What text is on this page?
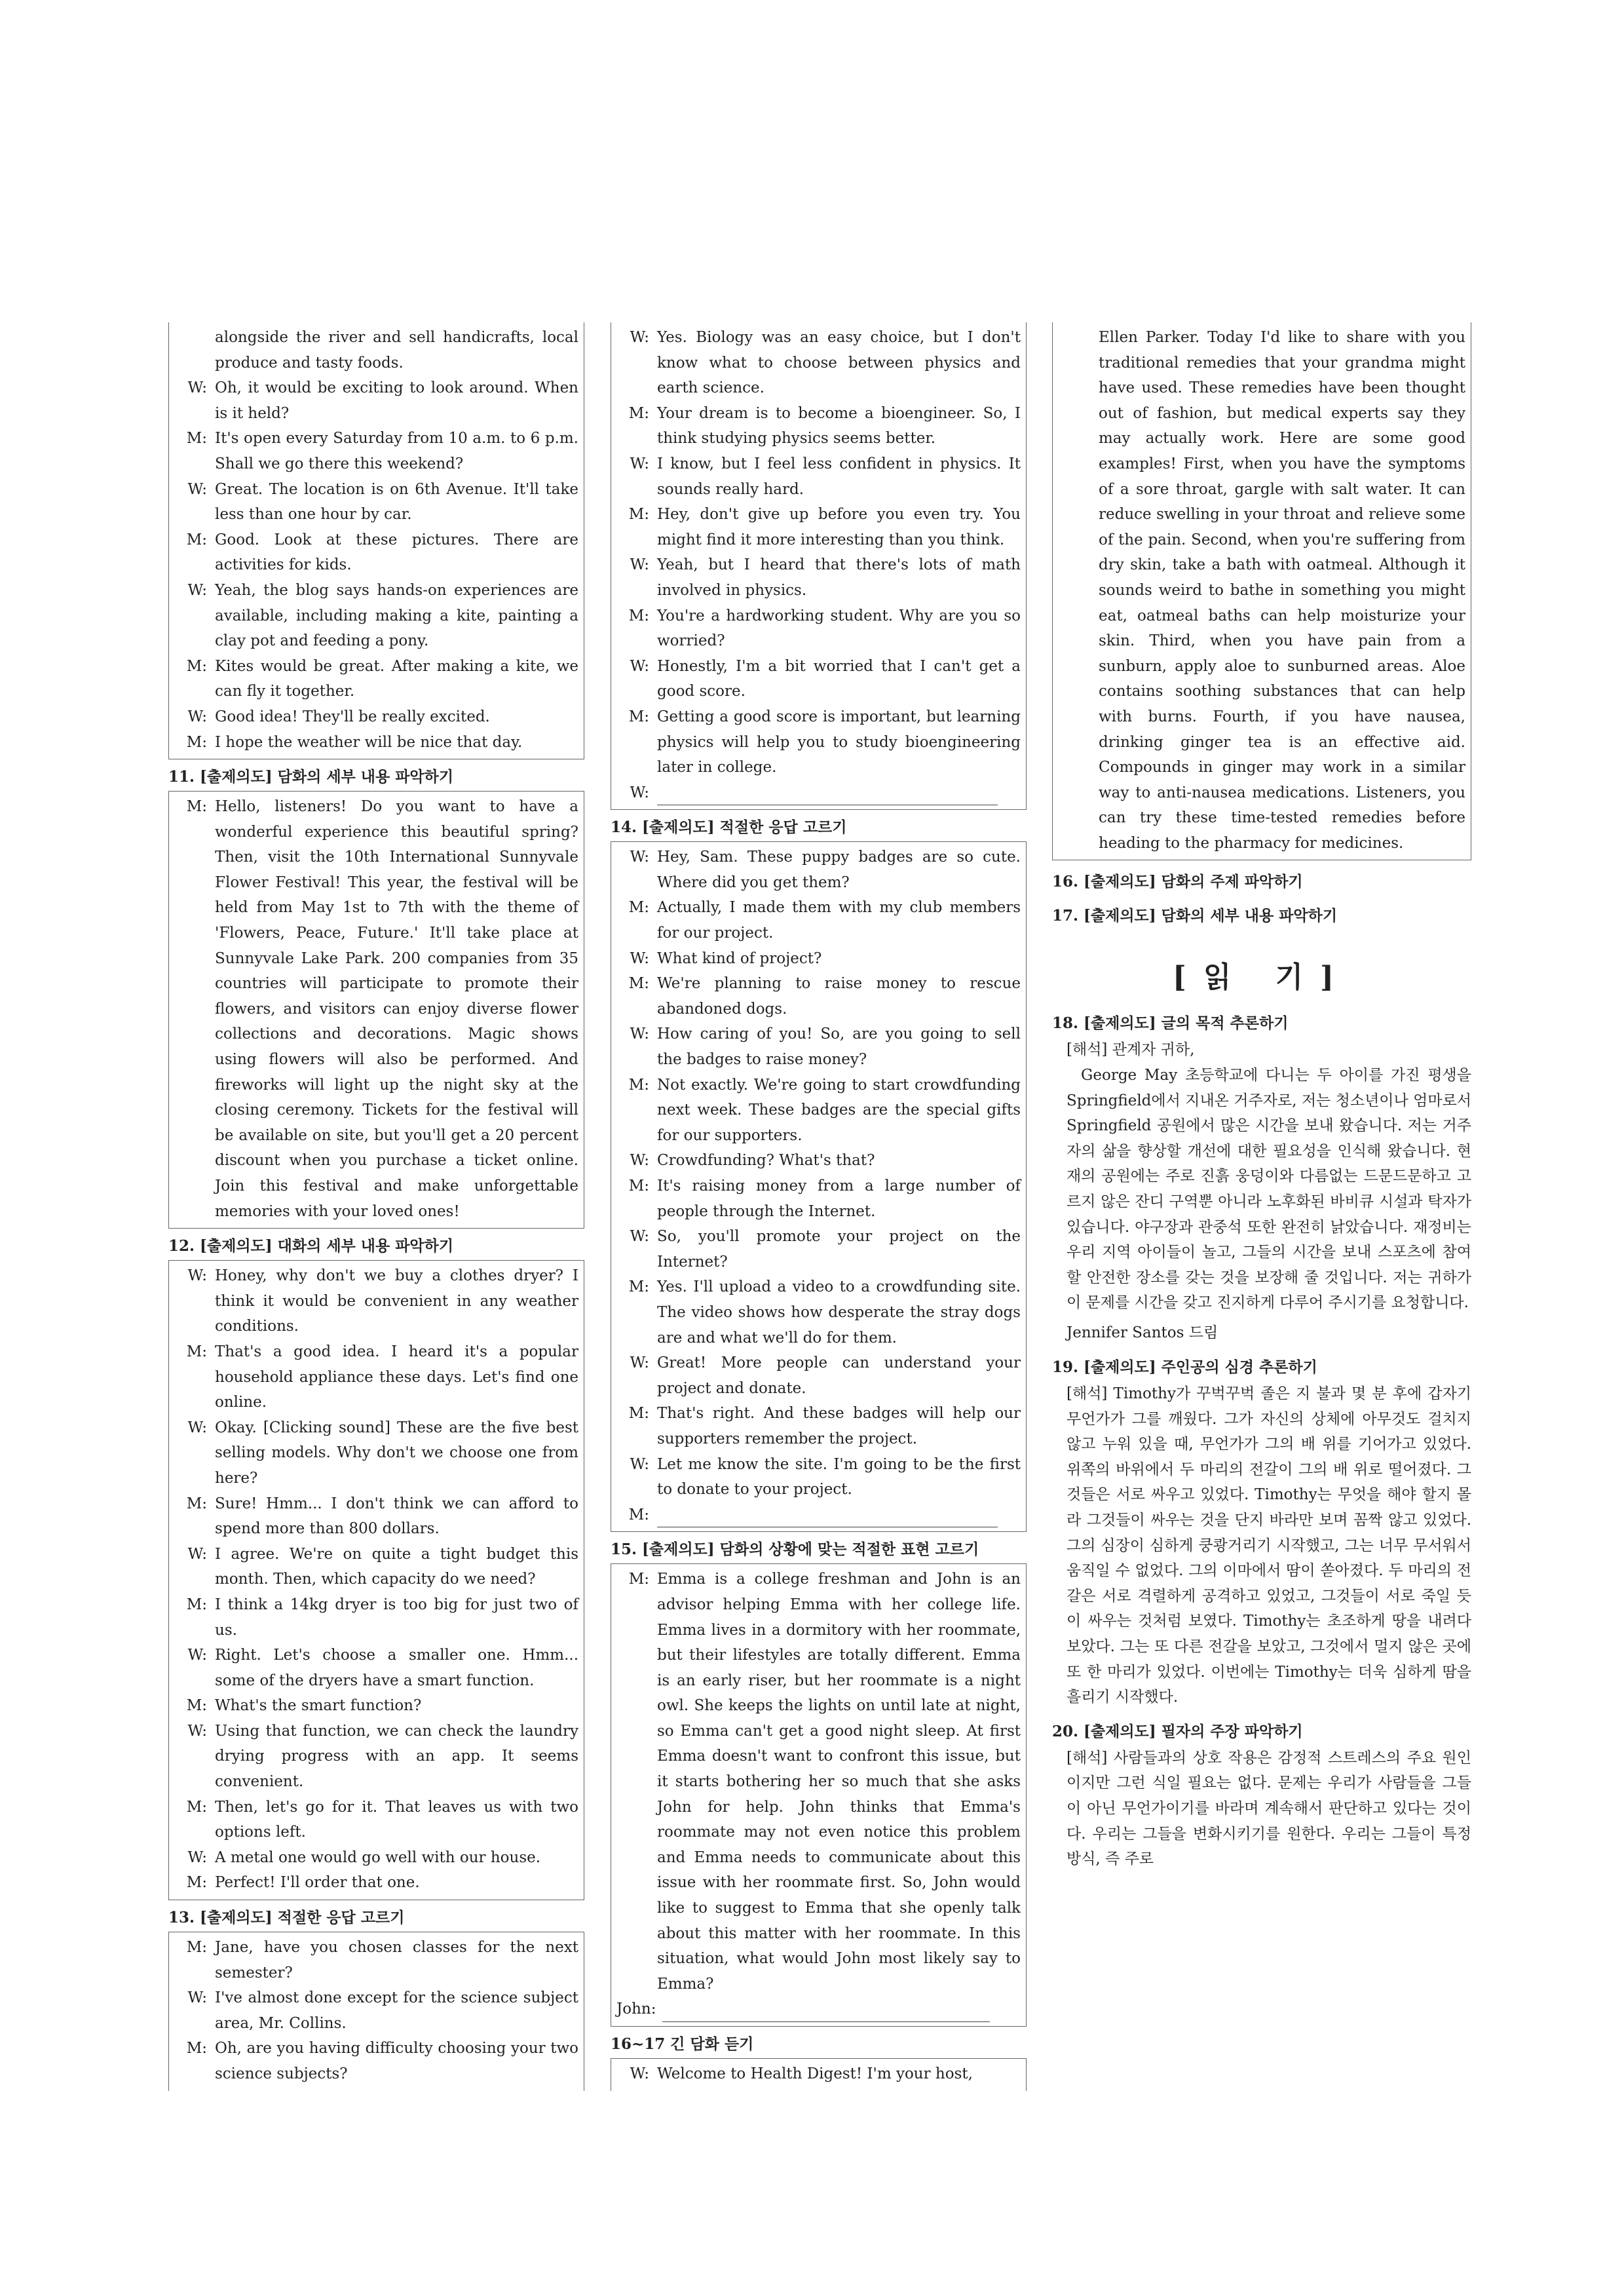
alongside the river and sell handicrafts, local produce and tasty foods.
W: Oh, it would be exciting to look around. When is it held?
M: It's open every Saturday from 10 a.m. to 6 p.m. Shall we go there this weekend?
W: Great. The location is on 6th Avenue. It'll take less than one hour by car.
M: Good. Look at these pictures. There are activities for kids.
W: Yeah, the blog says hands-on experiences are available, including making a kite, painting a clay pot and feeding a pony.
M: Kites would be great. After making a kite, we can fly it together.
W: Good idea! They'll be really excited.
M: I hope the weather will be nice that day.
11. [출제의도] 담화의 세부 내용 파악하기
M: Hello, listeners! Do you want to have a wonderful experience this beautiful spring? Then, visit the 10th International Sunnyvale Flower Festival! This year, the festival will be held from May 1st to 7th with the theme of 'Flowers, Peace, Future.' It'll take place at Sunnyvale Lake Park. 200 companies from 35 countries will participate to promote their flowers, and visitors can enjoy diverse flower collections and decorations. Magic shows using flowers will also be performed. And fireworks will light up the night sky at the closing ceremony. Tickets for the festival will be available on site, but you'll get a 20 percent discount when you purchase a ticket online. Join this festival and make unforgettable memories with your loved ones!
12. [출제의도] 대화의 세부 내용 파악하기
W: Honey, why don't we buy a clothes dryer? I think it would be convenient in any weather conditions.
M: That's a good idea. I heard it's a popular household appliance these days. Let's find one online.
W: Okay. [Clicking sound] These are the five best selling models. Why don't we choose one from here?
M: Sure! Hmm... I don't think we can afford to spend more than 800 dollars.
W: I agree. We're on quite a tight budget this month. Then, which capacity do we need?
M: I think a 14kg dryer is too big for just two of us.
W: Right. Let's choose a smaller one. Hmm... some of the dryers have a smart function.
M: What's the smart function?
W: Using that function, we can check the laundry drying progress with an app. It seems convenient.
M: Then, let's go for it. That leaves us with two options left.
W: A metal one would go well with our house.
M: Perfect! I'll order that one.
13. [출제의도] 적절한 응답 고르기
M: Jane, have you chosen classes for the next semester?
W: I've almost done except for the science subject area, Mr. Collins.
M: Oh, are you having difficulty choosing your two science subjects?
W: Yes. Biology was an easy choice, but I don't know what to choose between physics and earth science.
M: Your dream is to become a bioengineer. So, I think studying physics seems better.
W: I know, but I feel less confident in physics. It sounds really hard.
M: Hey, don't give up before you even try. You might find it more interesting than you think.
W: Yeah, but I heard that there's lots of math involved in physics.
M: You're a hardworking student. Why are you so worried?
W: Honestly, I'm a bit worried that I can't get a good score.
M: Getting a good score is important, but learning physics will help you to study bioengineering later in college.
W:
14. [출제의도] 적절한 응답 고르기
W: Hey, Sam. These puppy badges are so cute. Where did you get them?
M: Actually, I made them with my club members for our project.
W: What kind of project?
M: We're planning to raise money to rescue abandoned dogs.
W: How caring of you! So, are you going to sell the badges to raise money?
M: Not exactly. We're going to start crowdfunding next week. These badges are the special gifts for our supporters.
W: Crowdfunding? What's that?
M: It's raising money from a large number of people through the Internet.
W: So, you'll promote your project on the Internet?
M: Yes. I'll upload a video to a crowdfunding site. The video shows how desperate the stray dogs are and what we'll do for them.
W: Great! More people can understand your project and donate.
M: That's right. And these badges will help our supporters remember the project.
W: Let me know the site. I'm going to be the first to donate to your project.
M:
15. [출제의도] 담화의 상황에 맞는 적절한 표현 고르기
M: Emma is a college freshman and John is an advisor helping Emma with her college life. Emma lives in a dormitory with her roommate, but their lifestyles are totally different. Emma is an early riser, but her roommate is a night owl. She keeps the lights on until late at night, so Emma can't get a good night sleep. At first Emma doesn't want to confront this issue, but it starts bothering her so much that she asks John for help. John thinks that Emma's roommate may not even notice this problem and Emma needs to communicate about this issue with her roommate first. So, John would like to suggest to Emma that she openly talk about this matter with her roommate. In this situation, what would John most likely say to Emma?
John:
16~17 긴 담화 듣기
W: Welcome to Health Digest! I'm your host,
Ellen Parker. Today I'd like to share with you traditional remedies that your grandma might have used. These remedies have been thought out of fashion, but medical experts say they may actually work. Here are some good examples! First, when you have the symptoms of a sore throat, gargle with salt water. It can reduce swelling in your throat and relieve some of the pain. Second, when you're suffering from dry skin, take a bath with oatmeal. Although it sounds weird to bathe in something you might eat, oatmeal baths can help moisturize your skin. Third, when you have pain from a sunburn, apply aloe to sunburned areas. Aloe contains soothing substances that can help with burns. Fourth, if you have nausea, drinking ginger tea is an effective aid. Compounds in ginger may work in a similar way to anti-nausea medications. Listeners, you can try these time-tested remedies before heading to the pharmacy for medicines.
16. [출제의도] 담화의 주제 파악하기
17. [출제의도] 담화의 세부 내용 파악하기
[읽 기]
18. [출제의도] 글의 목적 추론하기
[해석] 관계자 귀하,
George May 초등학교에 다니는 두 아이를 가진 평생을 Springfield에서 지내온 거주자로, 저는 청소년이나 엄마로서 Springfield 공원에서 많은 시간을 보내 왔습니다. 저는 거주자의 삶을 향상할 개선에 대한 필요성을 인식해 왔습니다. 현재의 공원에는 주로 진흙 웅덩이와 다름없는 드문드문하고 고르지 않은 잔디 구역뿐 아니라 노후화된 바비큐 시설과 탁자가 있습니다. 야구장과 관중석 또한 완전히 낡았습니다. 재정비는 우리 지역 아이들이 놀고, 그들의 시간을 보내 스포츠에 참여할 안전한 장소를 갖는 것을 보장해 줄 것입니다. 저는 귀하가 이 문제를 시간을 갖고 진지하게 다루어 주시기를 요청합니다.
Jennifer Santos 드림
19. [출제의도] 주인공의 심경 추론하기
[해석] Timothy가 꾸벅꾸벅 졸은 지 불과 몇 분 후에 갑자기 무언가가 그를 깨웠다. 그가 자신의 상체에 아무것도 걸치지 않고 누워 있을 때, 무언가가 그의 배 위를 기어가고 있었다. 위쪽의 바위에서 두 마리의 전갈이 그의 배 위로 떨어졌다. 그것들은 서로 싸우고 있었다. Timothy는 무엇을 해야 할지 몰라 그것들이 싸우는 것을 단지 바라만 보며 꼼짝 않고 있었다. 그의 심장이 심하게 쿵쾅거리기 시작했고, 그는 너무 무서워서 움직일 수 없었다. 그의 이마에서 땀이 쏟아졌다. 두 마리의 전갈은 서로 격렬하게 공격하고 있었고, 그것들이 서로 죽일 듯이 싸우는 것처럼 보였다. Timothy는 초조하게 땅을 내려다보았다. 그는 또 다른 전갈을 보았고, 그것에서 멀지 않은 곳에 또 한 마리가 있었다. 이번에는 Timothy는 더욱 심하게 땀을 흘리기 시작했다.
20. [출제의도] 필자의 주장 파악하기
[해석] 사람들과의 상호 작용은 감정적 스트레스의 주요 원인이지만 그런 식일 필요는 없다. 문제는 우리가 사람들을 그들이 아닌 무언가이기를 바라며 계속해서 판단하고 있다는 것이다. 우리는 그들을 변화시키기를 원한다. 우리는 그들이 특정 방식, 즉 주로
